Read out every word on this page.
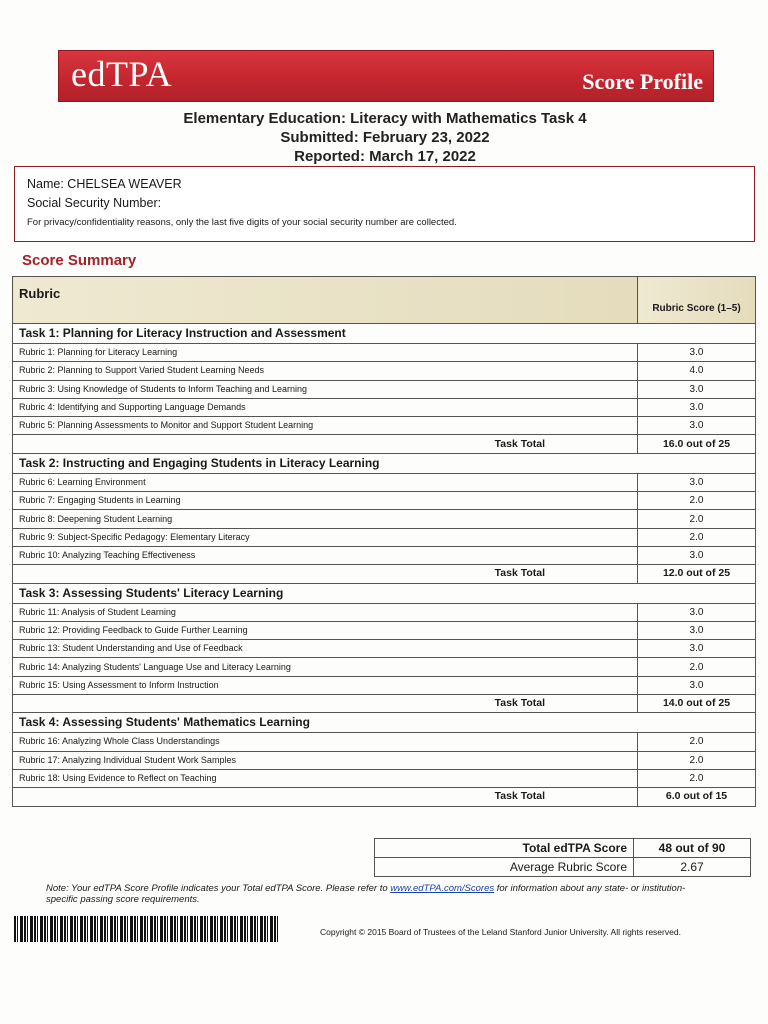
edTPA	Score Profile
Elementary Education: Literacy with Mathematics Task 4
Submitted: February 23, 2022
Reported: March 17, 2022
Name: CHELSEA WEAVER
Social Security Number:
For privacy/confidentiality reasons, only the last five digits of your social security number are collected.
Score Summary
Rubric	Rubric Score (1–5)
Task 1: Planning for Literacy Instruction and Assessment	
Rubric 1: Planning for Literacy Learning	3.0
Rubric 2: Planning to Support Varied Student Learning Needs	4.0
Rubric 3: Using Knowledge of Students to Inform Teaching and Learning	3.0
Rubric 4: Identifying and Supporting Language Demands	3.0
Rubric 5: Planning Assessments to Monitor and Support Student Learning	3.0
Task Total	16.0 out of 25
Task 2: Instructing and Engaging Students in Literacy Learning	
Rubric 6: Learning Environment	3.0
Rubric 7: Engaging Students in Learning	2.0
Rubric 8: Deepening Student Learning	2.0
Rubric 9: Subject-Specific Pedagogy: Elementary Literacy	2.0
Rubric 10: Analyzing Teaching Effectiveness	3.0
Task Total	12.0 out of 25
Task 3: Assessing Students' Literacy Learning	
Rubric 11: Analysis of Student Learning	3.0
Rubric 12: Providing Feedback to Guide Further Learning	3.0
Rubric 13: Student Understanding and Use of Feedback	3.0
Rubric 14: Analyzing Students' Language Use and Literacy Learning	2.0
Rubric 15: Using Assessment to Inform Instruction	3.0
Task Total	14.0 out of 25
Task 4: Assessing Students' Mathematics Learning	
Rubric 16: Analyzing Whole Class Understandings	2.0
Rubric 17: Analyzing Individual Student Work Samples	2.0
Rubric 18: Using Evidence to Reflect on Teaching	2.0
Task Total	6.0 out of 15
Total edTPA Score	48 out of 90
Average Rubric Score	2.67
Note: Your edTPA Score Profile indicates your Total edTPA Score. Please refer to www.edTPA.com/Scores for information about any state- or institution-specific passing score requirements.
Copyright © 2015 Board of Trustees of the Leland Stanford Junior University. All rights reserved.
